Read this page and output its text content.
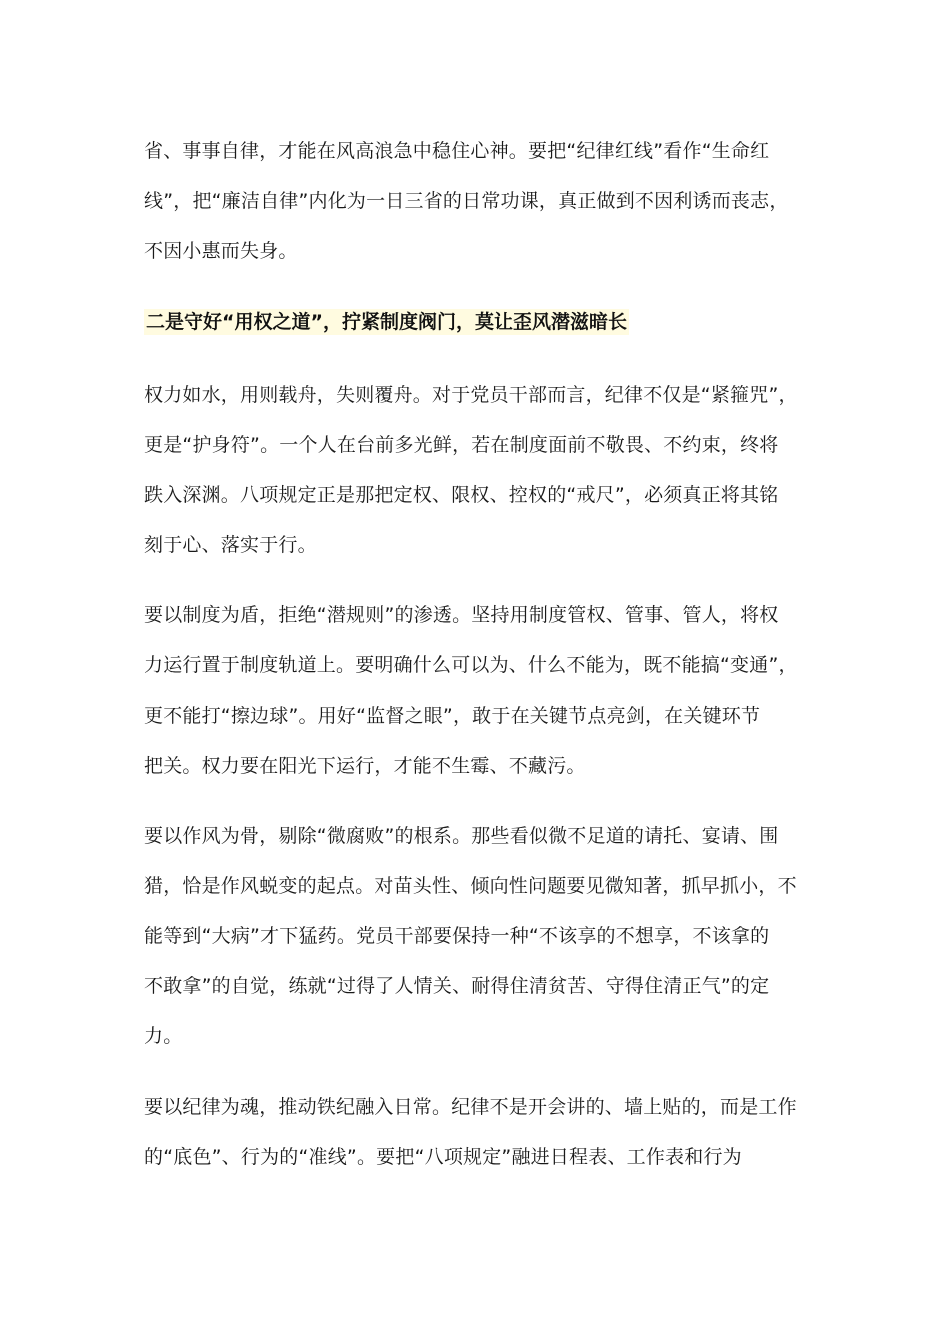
省、事事自律，才能在风高浪急中稳住心神。要把“纪律红线”看作“生命红
线”，把“廉洁自律”内化为一日三省的日常功课，真正做到不因利诱而丧志，
不因小惠而失身。
二是守好“用权之道”，拧紧制度阀门，莫让歪风潜滋暗长
权力如水，用则载舟，失则覆舟。对于党员干部而言，纪律不仅是“紧箍咒”，
更是“护身符”。一个人在台前多光鲜，若在制度面前不敬畏、不约束，终将
跌入深渊。八项规定正是那把定权、限权、控权的“戒尺”，必须真正将其铭
刻于心、落实于行。
要以制度为盾，拒绝“潜规则”的渗透。坚持用制度管权、管事、管人，将权
力运行置于制度轨道上。要明确什么可以为、什么不能为，既不能搞“变通”，
更不能打“擦边球”。用好“监督之眼”，敢于在关键节点亮剑，在关键环节
把关。权力要在阳光下运行，才能不生霉、不藏污。
要以作风为骨，剔除“微腐败”的根系。那些看似微不足道的请托、宴请、围
猎，恰是作风蜕变的起点。对苗头性、倾向性问题要见微知著，抓早抓小，不
能等到“大病”才下猛药。党员干部要保持一种“不该享的不想享，不该拿的
不敢拿”的自觉，练就“过得了人情关、耐得住清贫苦、守得住清正气”的定
力。
要以纪律为魂，推动铁纪融入日常。纪律不是开会讲的、墙上贴的，而是工作
的“底色”、行为的“准线”。要把“八项规定”融进日程表、工作表和行为
